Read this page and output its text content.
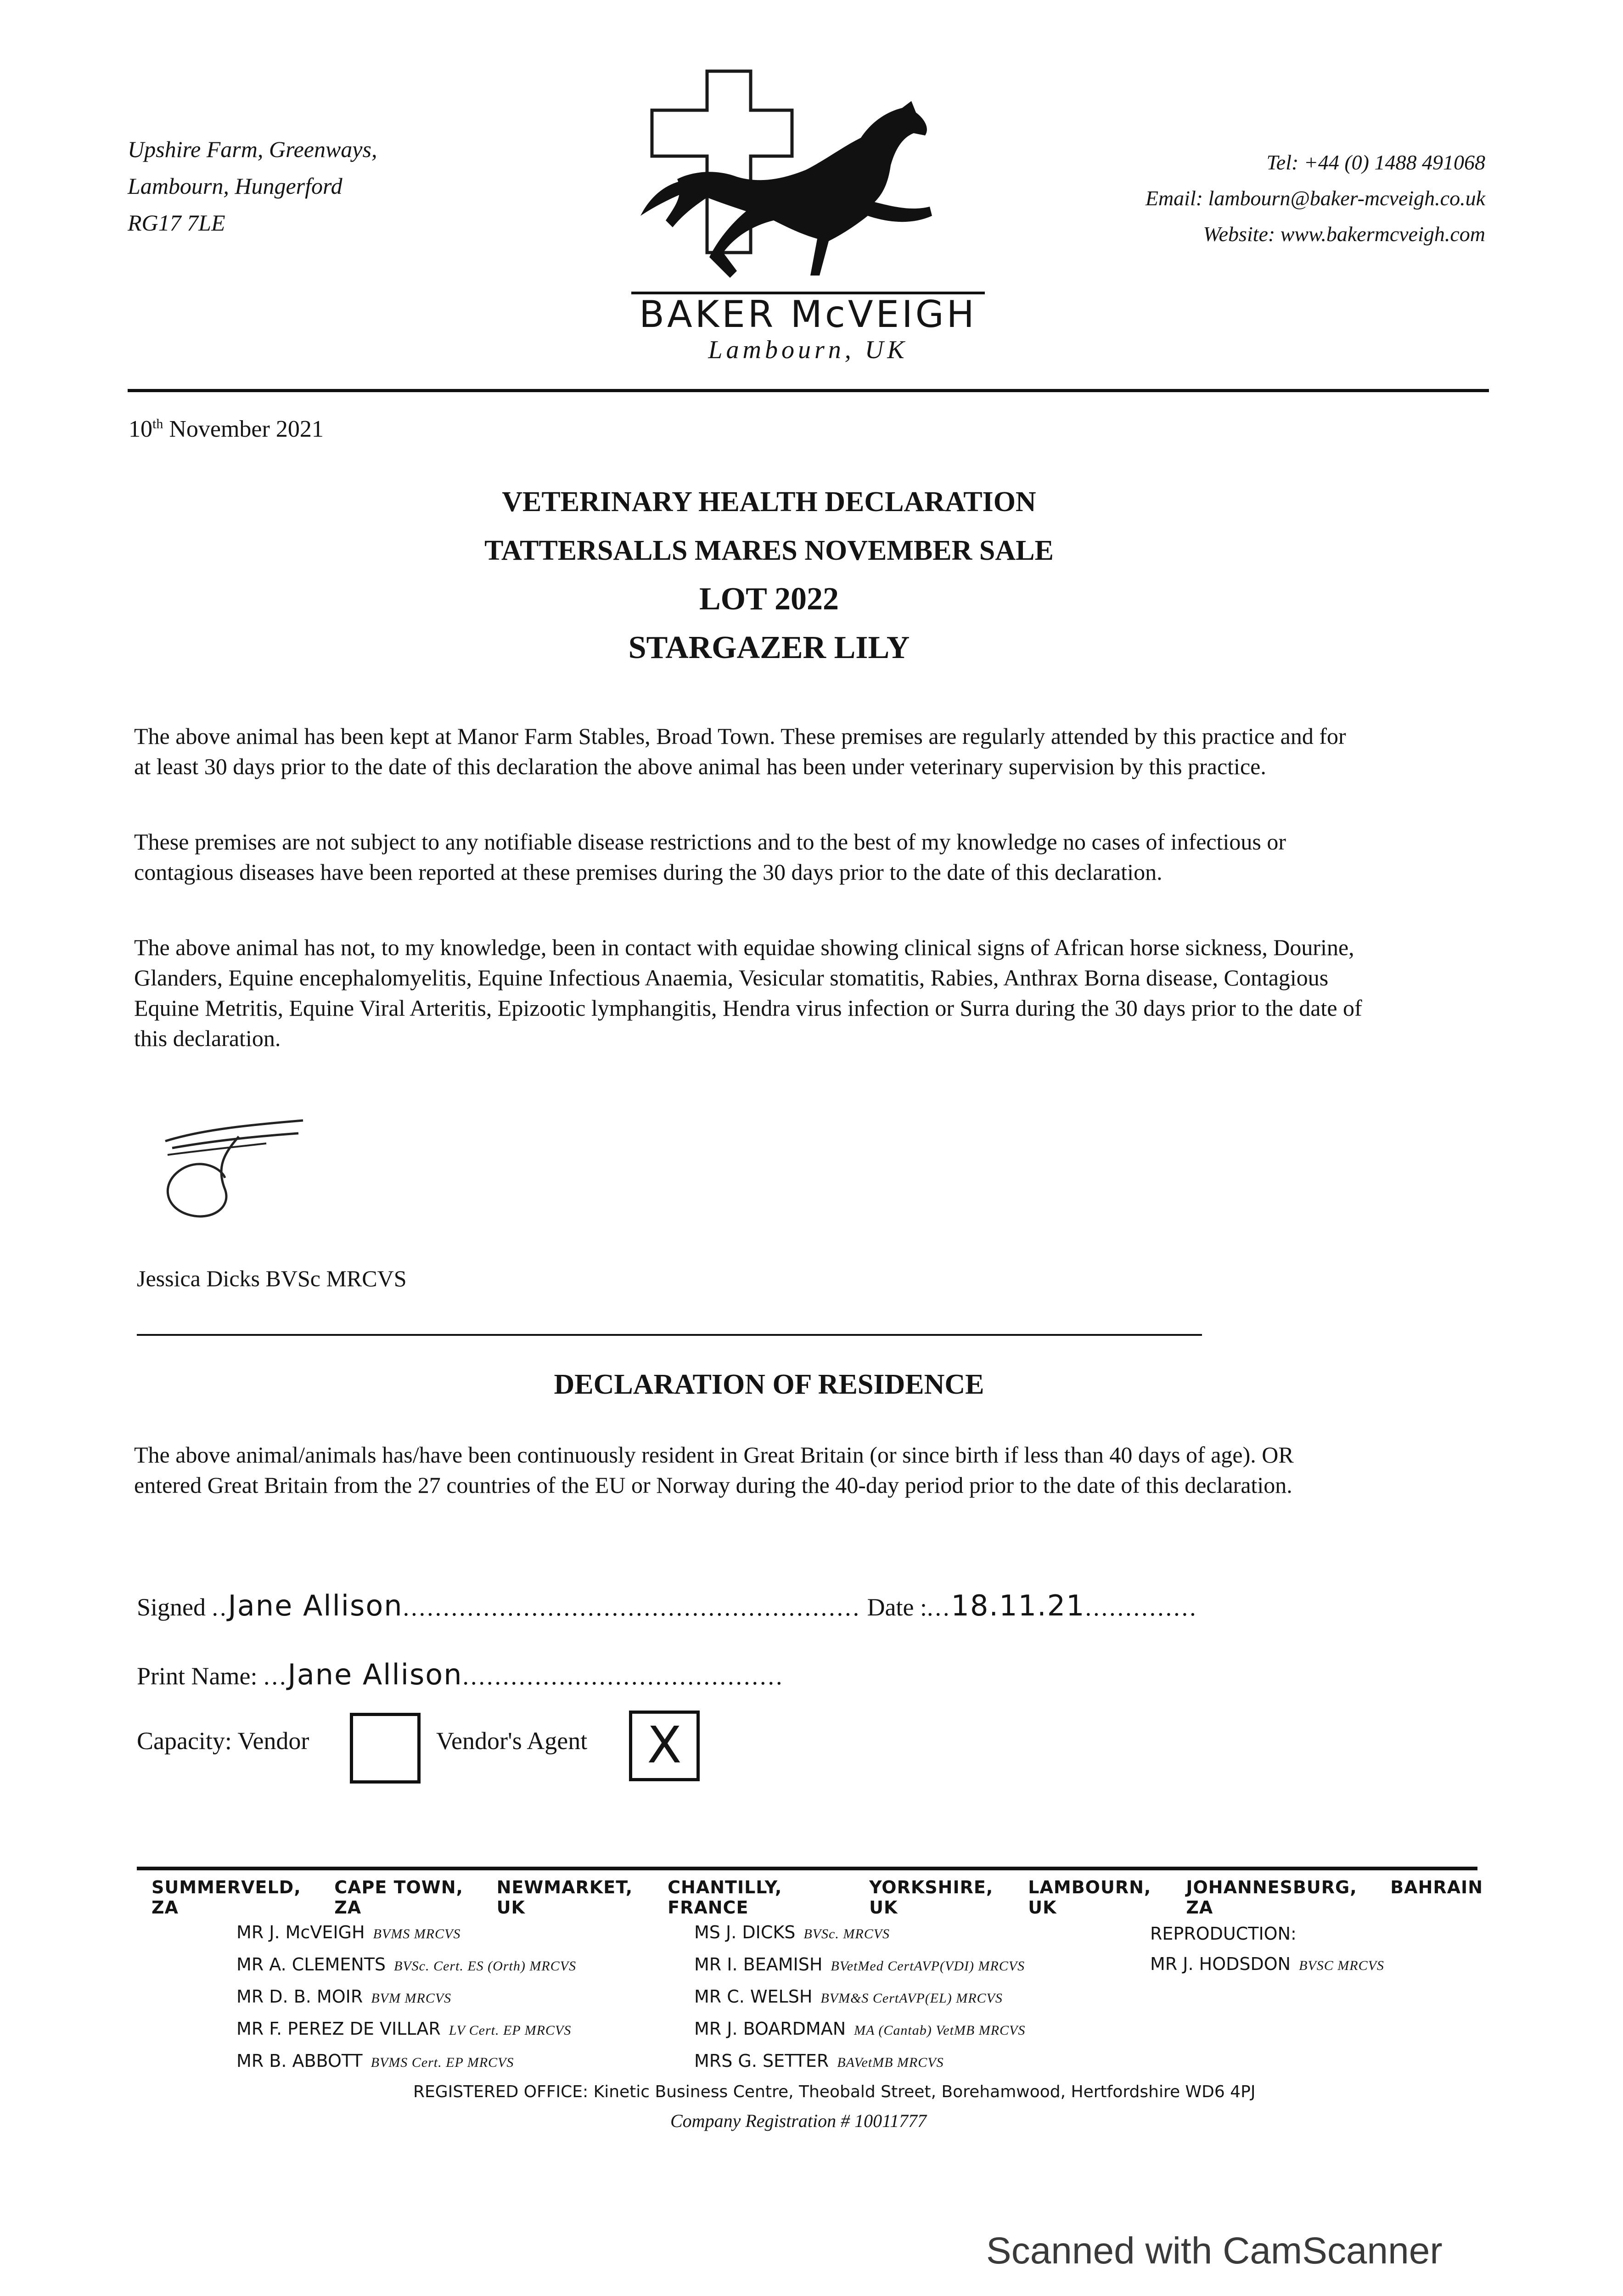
Upshire Farm, Greenways,
Lambourn, Hungerford
RG17 7LE
BAKER McVEIGH
Lambourn, UK
Tel: +44 (0) 1488 491068
Email: lambourn@baker-mcveigh.co.uk
Website: www.bakermcveigh.com
10th November 2021
VETERINARY HEALTH DECLARATION
TATTERSALLS MARES NOVEMBER SALE
LOT 2022
STARGAZER LILY
The above animal has been kept at Manor Farm Stables, Broad Town. These premises are regularly attended by this practice and for at least 30 days prior to the date of this declaration the above animal has been under veterinary supervision by this practice.
These premises are not subject to any notifiable disease restrictions and to the best of my knowledge no cases of infectious or contagious diseases have been reported at these premises during the 30 days prior to the date of this declaration.
The above animal has not, to my knowledge, been in contact with equidae showing clinical signs of African horse sickness, Dourine, Glanders, Equine encephalomyelitis, Equine Infectious Anaemia, Vesicular stomatitis, Rabies, Anthrax Borna disease, Contagious Equine Metritis, Equine Viral Arteritis, Epizootic lymphangitis, Hendra virus infection or Surra during the 30 days prior to the date of this declaration.
Jessica Dicks BVSc MRCVS
DECLARATION OF RESIDENCE
The above animal/animals has/have been continuously resident in Great Britain (or since birth if less than 40 days of age). OR entered Great Britain from the 27 countries of the EU or Norway during the 40-day period prior to the date of this declaration.
Signed ..Jane Allison......................................................... Date :...18.11.21..............
Print Name: ...Jane Allison........................................
Capacity: Vendor	Vendor's Agent	X
SUMMERVELD, ZA
CAPE TOWN, ZA
NEWMARKET, UK
CHANTILLY, FRANCE
YORKSHIRE, UK
LAMBOURN, UK
JOHANNESBURG, ZA
BAHRAIN
MR J. McVEIGH BVMS MRCVS
MR A. CLEMENTS BVSc. Cert. ES (Orth) MRCVS
MR D. B. MOIR BVM MRCVS
MR F. PEREZ DE VILLAR LV Cert. EP MRCVS
MR B. ABBOTT BVMS Cert. EP MRCVS
MS J. DICKS BVSc. MRCVS
MR I. BEAMISH BVetMed CertAVP(VDI) MRCVS
MR C. WELSH BVM&S CertAVP(EL) MRCVS
MR J. BOARDMAN MA (Cantab) VetMB MRCVS
MRS G. SETTER BAVetMB MRCVS
REPRODUCTION:
MR J. HODSDON BVSC MRCVS
REGISTERED OFFICE: Kinetic Business Centre, Theobald Street, Borehamwood, Hertfordshire WD6 4PJ
Company Registration # 10011777
Scanned with CamScanner
